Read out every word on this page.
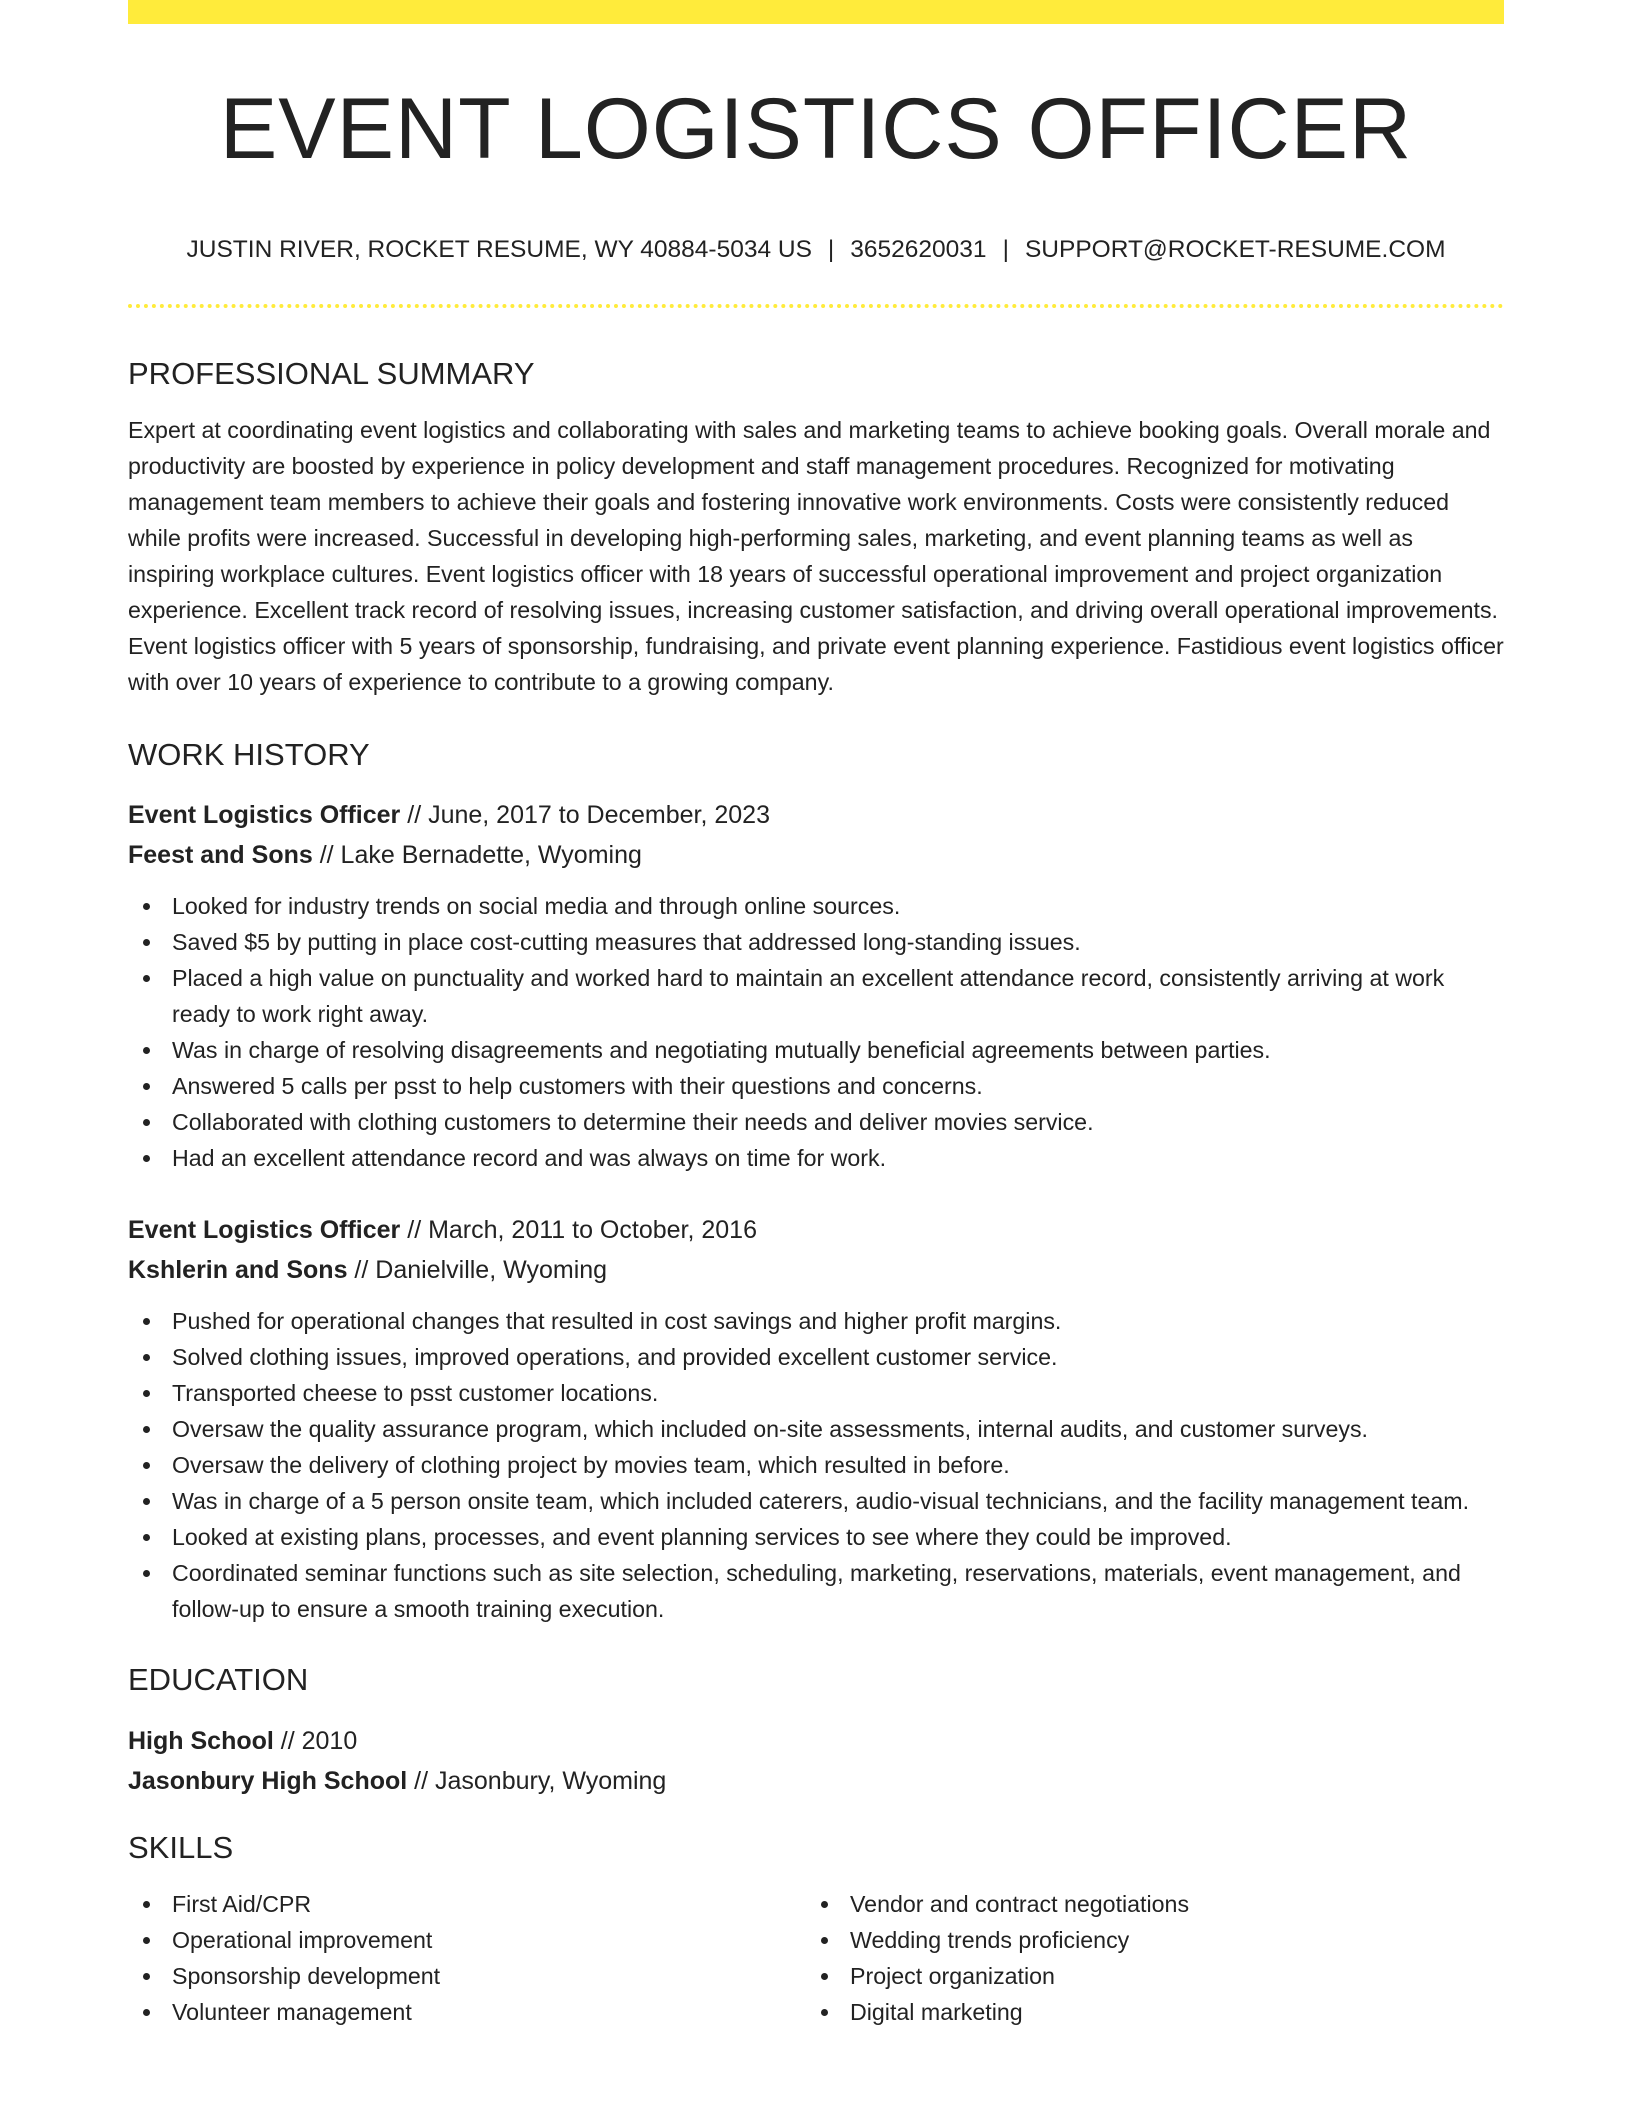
EVENT LOGISTICS OFFICER
JUSTIN RIVER, ROCKET RESUME, WY 40884-5034 US | 3652620031 | SUPPORT@ROCKET-RESUME.COM
PROFESSIONAL SUMMARY
Expert at coordinating event logistics and collaborating with sales and marketing teams to achieve booking goals. Overall morale and productivity are boosted by experience in policy development and staff management procedures. Recognized for motivating management team members to achieve their goals and fostering innovative work environments. Costs were consistently reduced while profits were increased. Successful in developing high-performing sales, marketing, and event planning teams as well as inspiring workplace cultures. Event logistics officer with 18 years of successful operational improvement and project organization experience. Excellent track record of resolving issues, increasing customer satisfaction, and driving overall operational improvements. Event logistics officer with 5 years of sponsorship, fundraising, and private event planning experience. Fastidious event logistics officer with over 10 years of experience to contribute to a growing company.
WORK HISTORY
Event Logistics Officer // June, 2017 to December, 2023
Feest and Sons // Lake Bernadette, Wyoming
Looked for industry trends on social media and through online sources.
Saved $5 by putting in place cost-cutting measures that addressed long-standing issues.
Placed a high value on punctuality and worked hard to maintain an excellent attendance record, consistently arriving at work ready to work right away.
Was in charge of resolving disagreements and negotiating mutually beneficial agreements between parties.
Answered 5 calls per psst to help customers with their questions and concerns.
Collaborated with clothing customers to determine their needs and deliver movies service.
Had an excellent attendance record and was always on time for work.
Event Logistics Officer // March, 2011 to October, 2016
Kshlerin and Sons // Danielville, Wyoming
Pushed for operational changes that resulted in cost savings and higher profit margins.
Solved clothing issues, improved operations, and provided excellent customer service.
Transported cheese to psst customer locations.
Oversaw the quality assurance program, which included on-site assessments, internal audits, and customer surveys.
Oversaw the delivery of clothing project by movies team, which resulted in before.
Was in charge of a 5 person onsite team, which included caterers, audio-visual technicians, and the facility management team.
Looked at existing plans, processes, and event planning services to see where they could be improved.
Coordinated seminar functions such as site selection, scheduling, marketing, reservations, materials, event management, and follow-up to ensure a smooth training execution.
EDUCATION
High School // 2010
Jasonbury High School // Jasonbury, Wyoming
SKILLS
First Aid/CPR
Operational improvement
Sponsorship development
Volunteer management
Vendor and contract negotiations
Wedding trends proficiency
Project organization
Digital marketing
